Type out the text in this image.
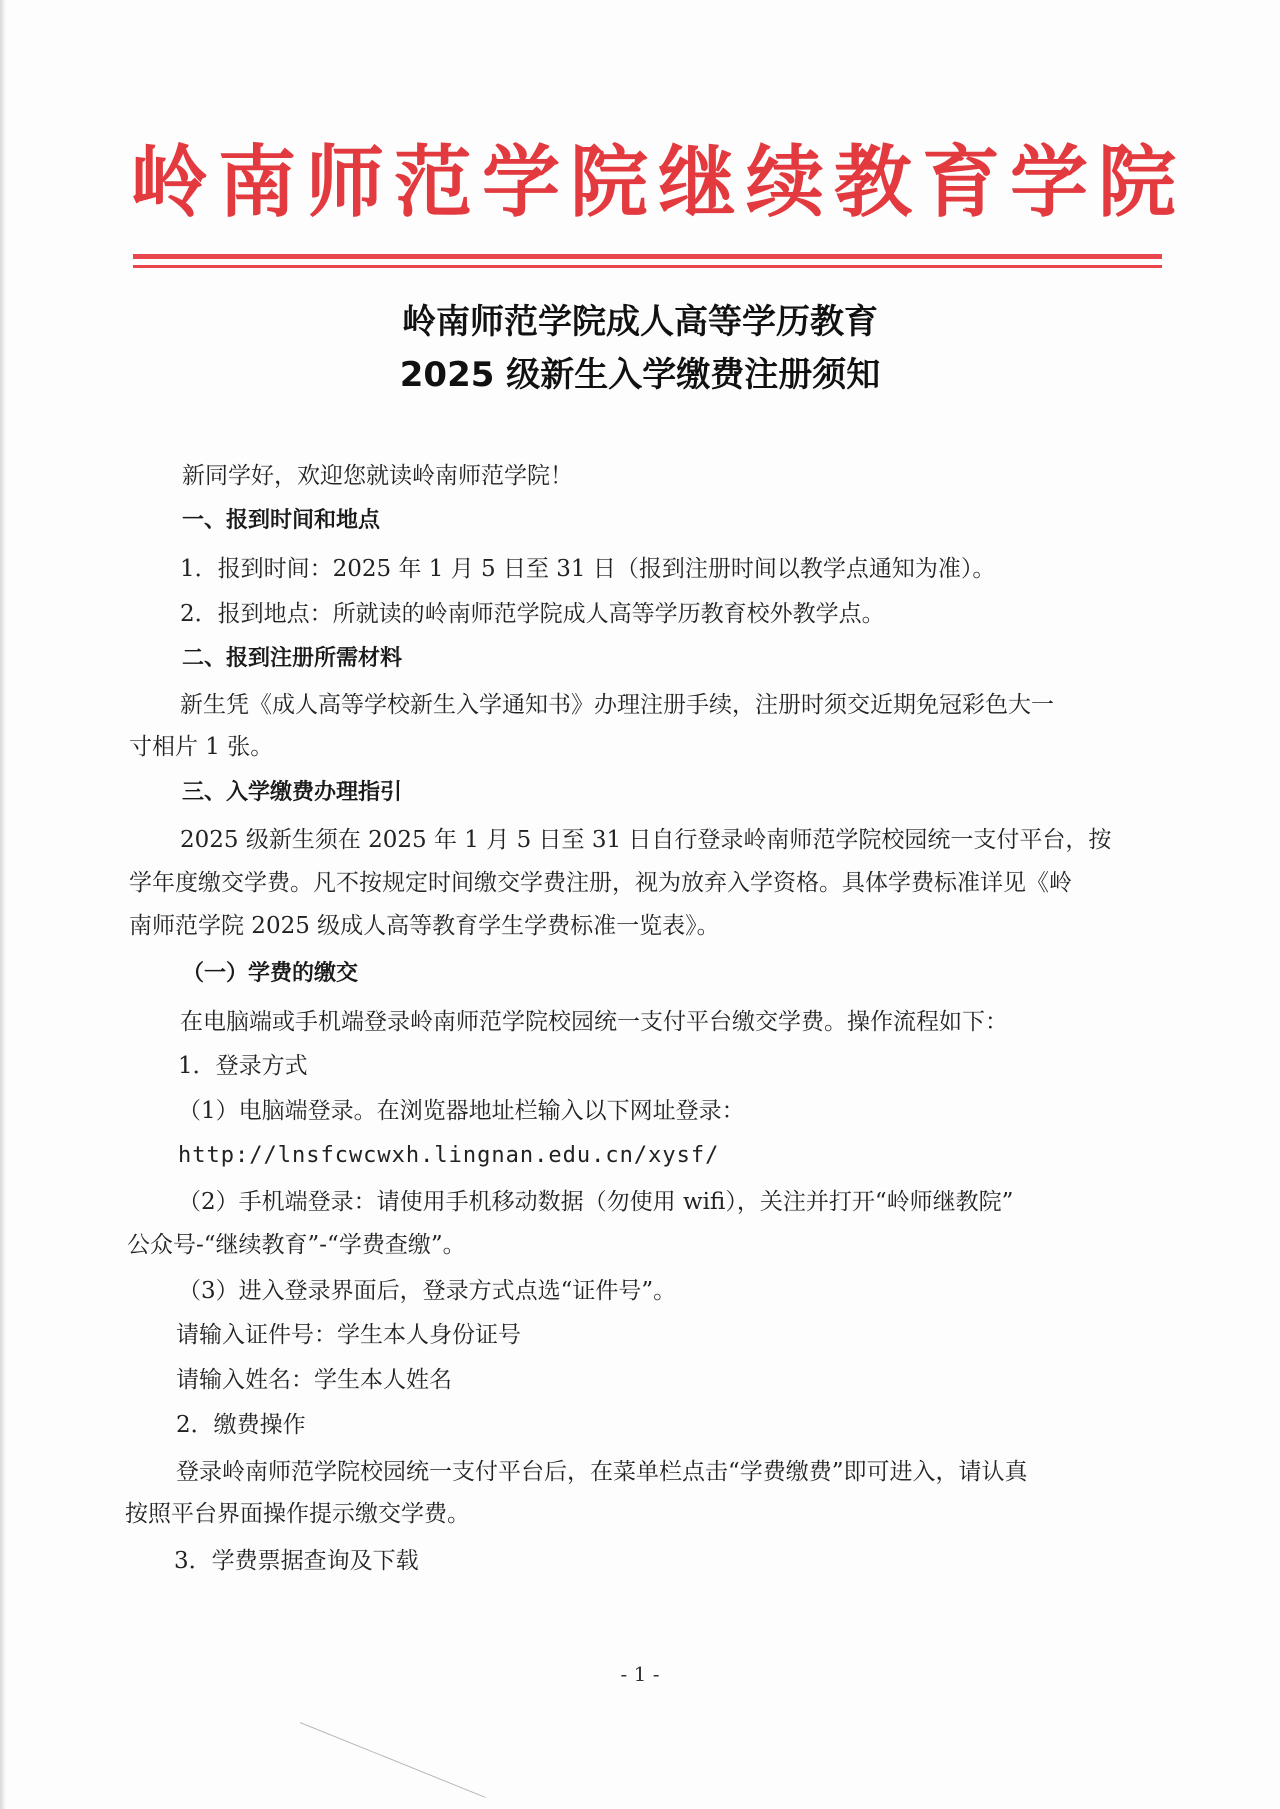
岭南师范学院继续教育学院
岭南师范学院成人高等学历教育
2025 级新生入学缴费注册须知
新同学好，欢迎您就读岭南师范学院！
一、报到时间和地点
1．报到时间：2025 年 1 月 5 日至 31 日（报到注册时间以教学点通知为准）。
2．报到地点：所就读的岭南师范学院成人高等学历教育校外教学点。
二、报到注册所需材料
新生凭《成人高等学校新生入学通知书》办理注册手续，注册时须交近期免冠彩色大一
寸相片 1 张。
三、入学缴费办理指引
2025 级新生须在 2025 年 1 月 5 日至 31 日自行登录岭南师范学院校园统一支付平台，按
学年度缴交学费。凡不按规定时间缴交学费注册，视为放弃入学资格。具体学费标准详见《岭
南师范学院 2025 级成人高等教育学生学费标准一览表》。
（一）学费的缴交
在电脑端或手机端登录岭南师范学院校园统一支付平台缴交学费。操作流程如下：
1．登录方式
（1）电脑端登录。在浏览器地址栏输入以下网址登录：
http://lnsfcwcwxh.lingnan.edu.cn/xysf/
（2）手机端登录：请使用手机移动数据（勿使用 wifi），关注并打开“岭师继教院”
公众号-“继续教育”-“学费查缴”。
（3）进入登录界面后，登录方式点选“证件号”。
请输入证件号：学生本人身份证号
请输入姓名：学生本人姓名
2．缴费操作
登录岭南师范学院校园统一支付平台后，在菜单栏点击“学费缴费”即可进入，请认真
按照平台界面操作提示缴交学费。
3．学费票据查询及下载
- 1 -
